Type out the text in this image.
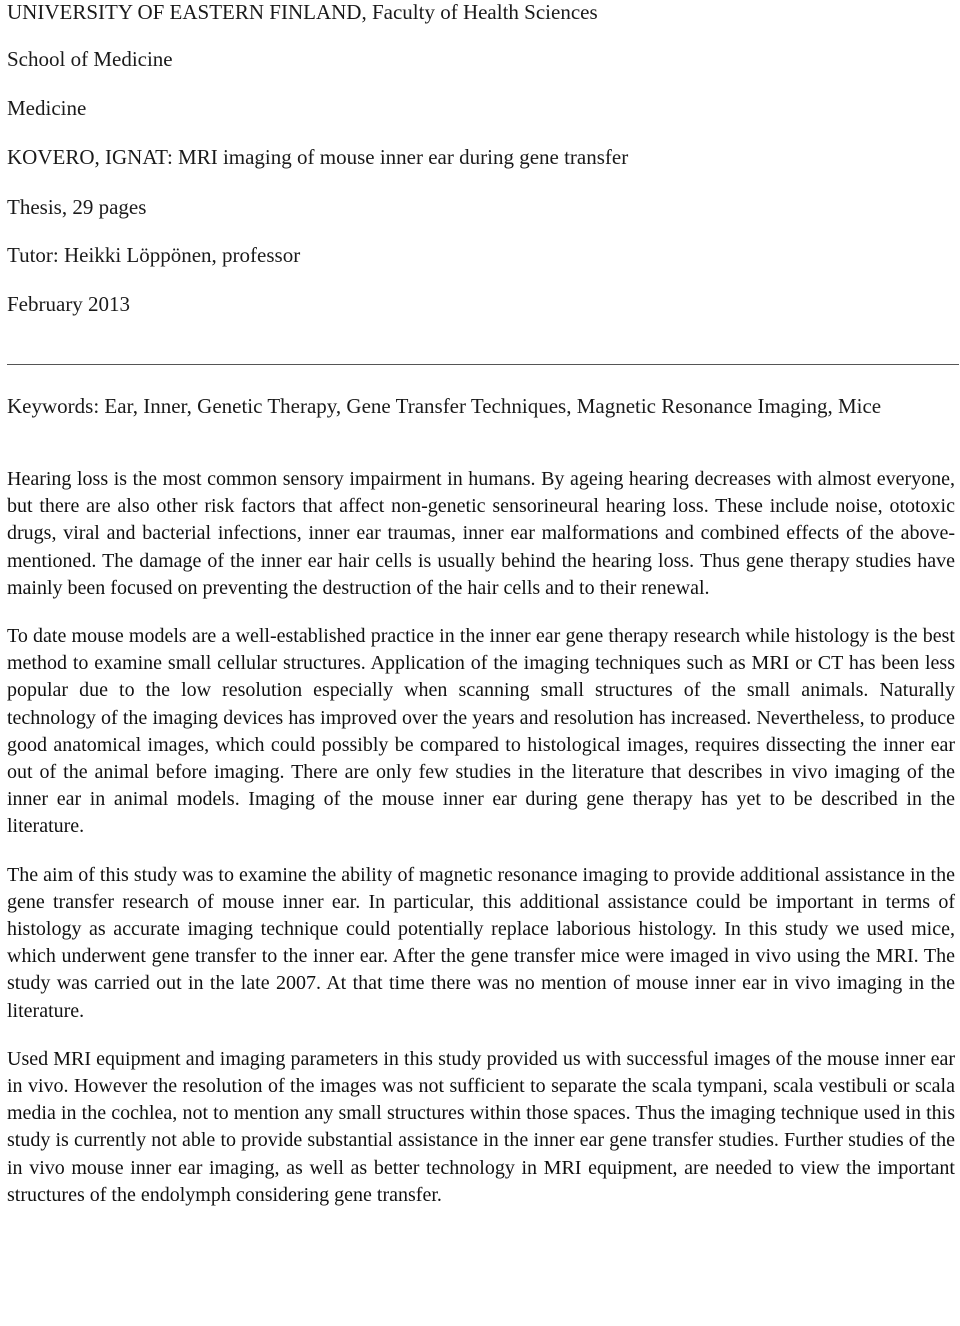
UNIVERSITY OF EASTERN FINLAND, Faculty of Health Sciences
School of Medicine
Medicine
KOVERO, IGNAT: MRI imaging of mouse inner ear during gene transfer
Thesis, 29 pages
Tutor: Heikki Löppönen, professor
February 2013
Keywords: Ear, Inner, Genetic Therapy, Gene Transfer Techniques, Magnetic Resonance Imaging, Mice

Hearing loss is the most common sensory impairment in humans. By ageing hearing decreases with almost everyone, but there are also other risk factors that affect non-genetic sensorineural hearing loss. These include noise, ototoxic drugs, viral and bacterial infections, inner ear traumas, inner ear malformations and combined effects of the above-mentioned. The damage of the inner ear hair cells is usually behind the hearing loss. Thus gene therapy studies have mainly been focused on preventing the destruction of the hair cells and to their renewal.

To date mouse models are a well-established practice in the inner ear gene therapy research while histology is the best method to examine small cellular structures. Application of the imaging techniques such as MRI or CT has been less popular due to the low resolution especially when scanning small structures of the small animals. Naturally technology of the imaging devices has improved over the years and resolution has increased. Nevertheless, to produce good anatomical images, which could possibly be compared to histological images, requires dissecting the inner ear out of the animal before imaging. There are only few studies in the literature that describes in vivo imaging of the inner ear in animal models. Imaging of the mouse inner ear during gene therapy has yet to be described in the literature.

The aim of this study was to examine the ability of magnetic resonance imaging to provide additional assistance in the gene transfer research of mouse inner ear. In particular, this additional assistance could be important in terms of histology as accurate imaging technique could potentially replace laborious histology. In this study we used mice, which underwent gene transfer to the inner ear. After the gene transfer mice were imaged in vivo using the MRI. The study was carried out in the late 2007. At that time there was no mention of mouse inner ear in vivo imaging in the literature.

Used MRI equipment and imaging parameters in this study provided us with successful images of the mouse inner ear in vivo. However the resolution of the images was not sufficient to separate the scala tympani, scala vestibuli or scala media in the cochlea, not to mention any small structures within those spaces. Thus the imaging technique used in this study is currently not able to provide substantial assistance in the inner ear gene transfer studies. Further studies of the in vivo mouse inner ear imaging, as well as better technology in MRI equipment, are needed to view the important structures of the endolymph considering gene transfer.
